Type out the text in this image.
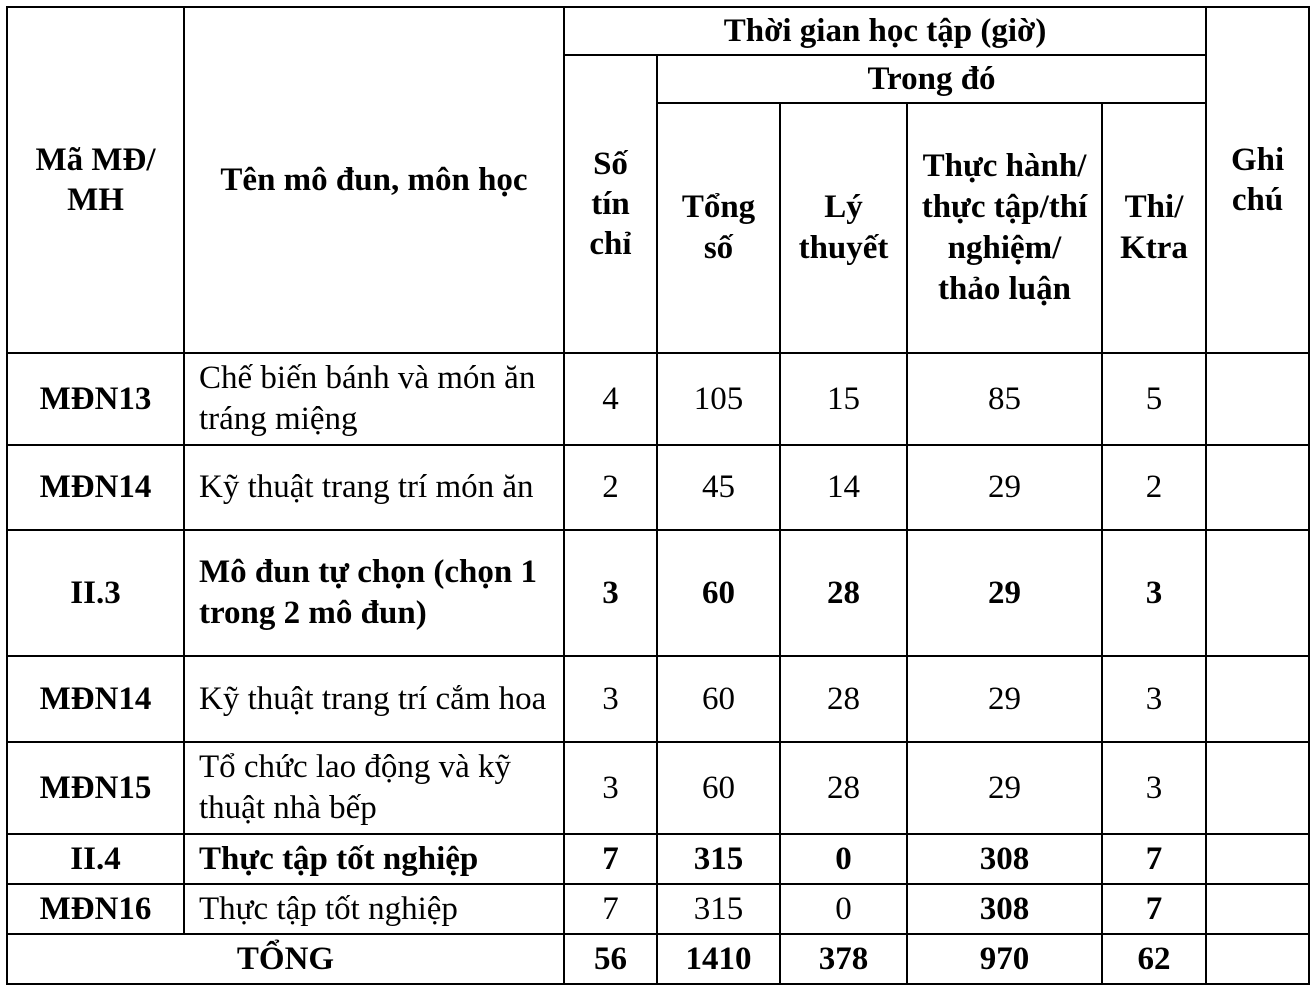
Mã MĐ/ MH	Tên mô đun, môn học	Thời gian học tập (giờ)					Ghi chú
		Số tín chỉ	Trong đó				
			Tổng số	Lý thuyết	Thực hành/ thực tập/thí nghiệm/ thảo luận	Thi/ Ktra	
MĐN13	Chế biến bánh và món ăn tráng miệng	4	105	15	85	5	
MĐN14	Kỹ thuật trang trí món ăn	2	45	14	29	2	
II.3	Mô đun tự chọn (chọn 1 trong 2 mô đun)	3	60	28	29	3	
MĐN14	Kỹ thuật trang trí cắm hoa	3	60	28	29	3	
MĐN15	Tổ chức lao động và kỹ thuật nhà bếp	3	60	28	29	3	
II.4	Thực tập tốt nghiệp	7	315	0	308	7	
MĐN16	Thực tập tốt nghiệp	7	315	0	308	7	
TỔNG		56	1410	378	970	62	
